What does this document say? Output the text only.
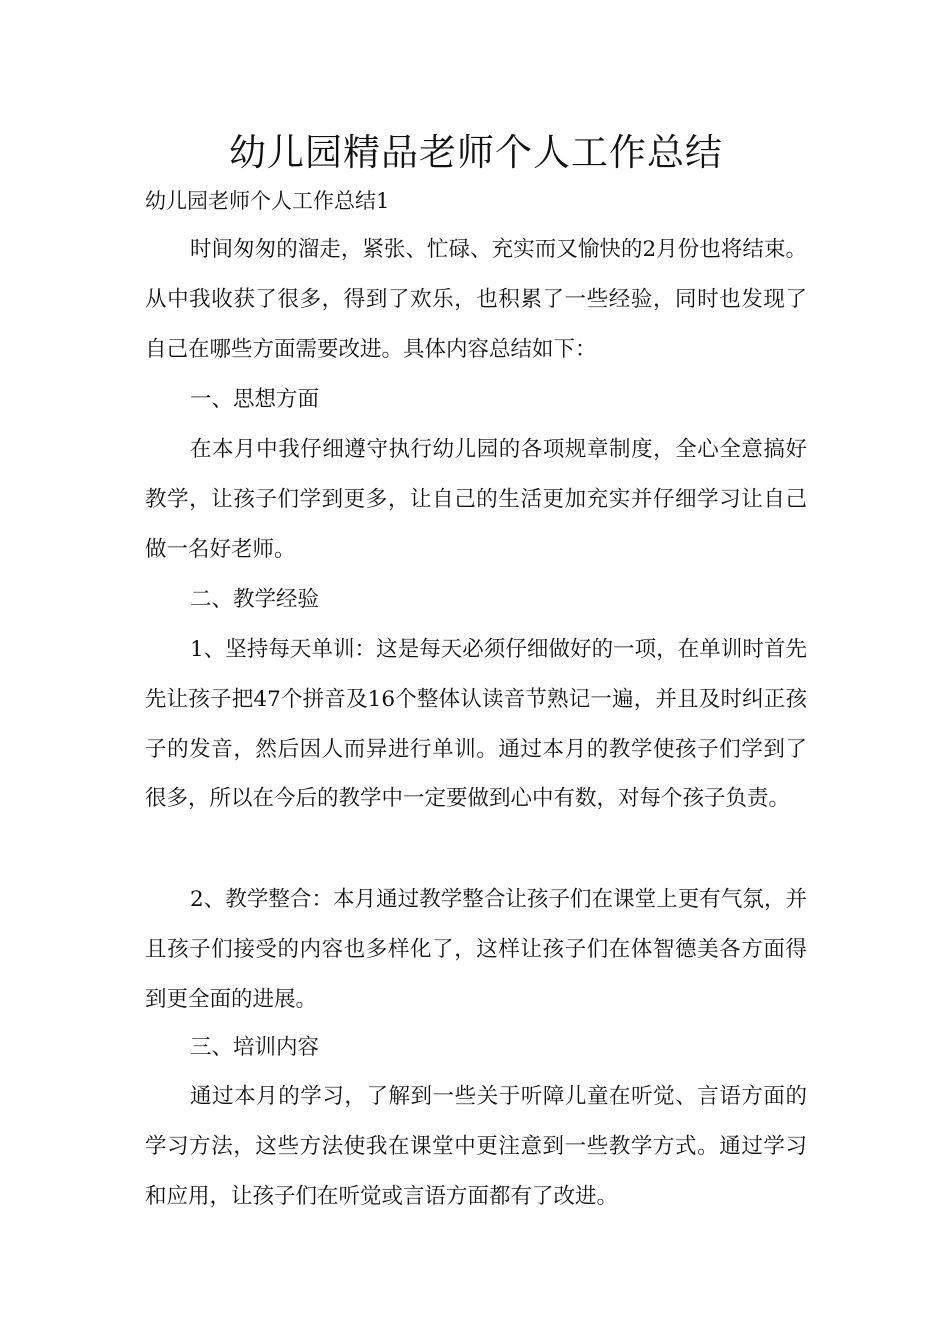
幼儿园精品老师个人工作总结

幼儿园老师个人工作总结1

时间匆匆的溜走，紧张、忙碌、充实而又愉快的2月份也将结束。从中我收获了很多，得到了欢乐，也积累了一些经验，同时也发现了自己在哪些方面需要改进。具体内容总结如下：

一、思想方面

在本月中我仔细遵守执行幼儿园的各项规章制度，全心全意搞好教学，让孩子们学到更多，让自己的生活更加充实并仔细学习让自己做一名好老师。

二、教学经验

1、坚持每天单训：这是每天必须仔细做好的一项，在单训时首先先让孩子把47个拼音及16个整体认读音节熟记一遍，并且及时纠正孩子的发音，然后因人而异进行单训。通过本月的教学使孩子们学到了很多，所以在今后的教学中一定要做到心中有数，对每个孩子负责。

2、教学整合：本月通过教学整合让孩子们在课堂上更有气氛，并且孩子们接受的内容也多样化了，这样让孩子们在体智德美各方面得到更全面的进展。

三、培训内容

通过本月的学习，了解到一些关于听障儿童在听觉、言语方面的学习方法，这些方法使我在课堂中更注意到一些教学方式。通过学习和应用，让孩子们在听觉或言语方面都有了改进。
